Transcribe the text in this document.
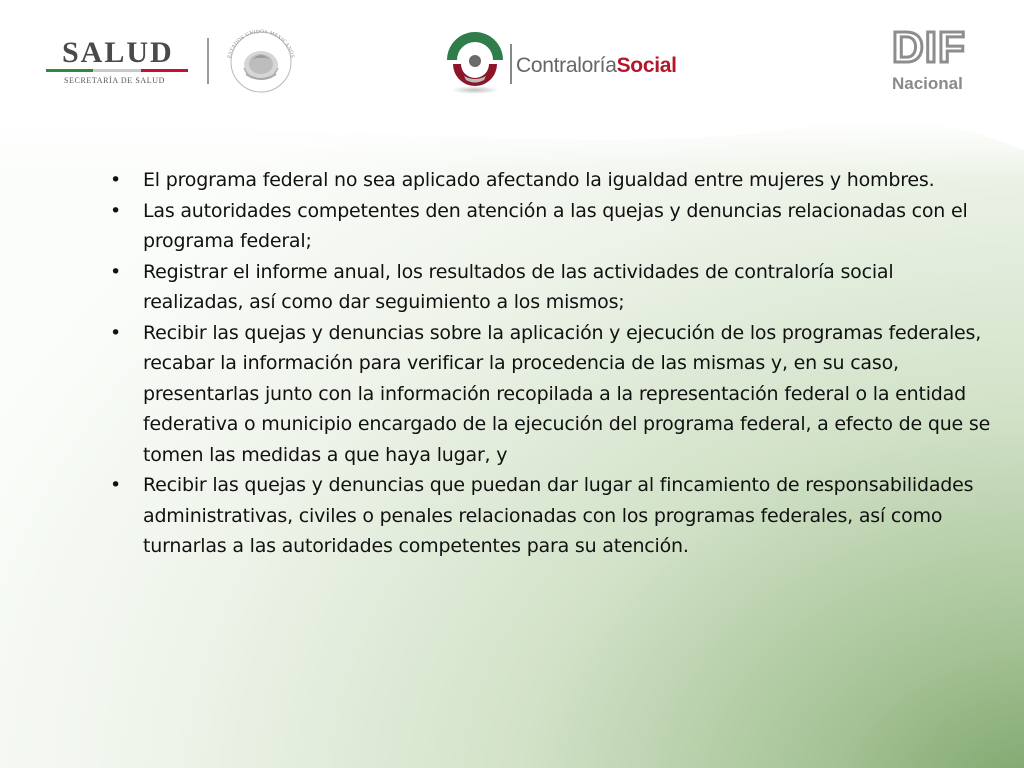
SALUD
SECRETARÍA DE SALUD
ESTADOS UNIDOS MEXICANOS	ContraloríaSocial	DIF
Nacional
• El programa federal no sea aplicado afectando la igualdad entre mujeres y hombres.
• Las autoridades competentes den atención a las quejas y denuncias relacionadas con el programa federal;
• Registrar el informe anual, los resultados de las actividades de contraloría social realizadas, así como dar seguimiento a los mismos;
• Recibir las quejas y denuncias sobre la aplicación y ejecución de los programas federales, recabar la información para verificar la procedencia de las mismas y, en su caso, presentarlas junto con la información recopilada a la representación federal o la entidad federativa o municipio encargado de la ejecución del programa federal, a efecto de que se tomen las medidas a que haya lugar, y
• Recibir las quejas y denuncias que puedan dar lugar al fincamiento de responsabilidades administrativas, civiles o penales relacionadas con los programas federales, así como turnarlas a las autoridades competentes para su atención.
